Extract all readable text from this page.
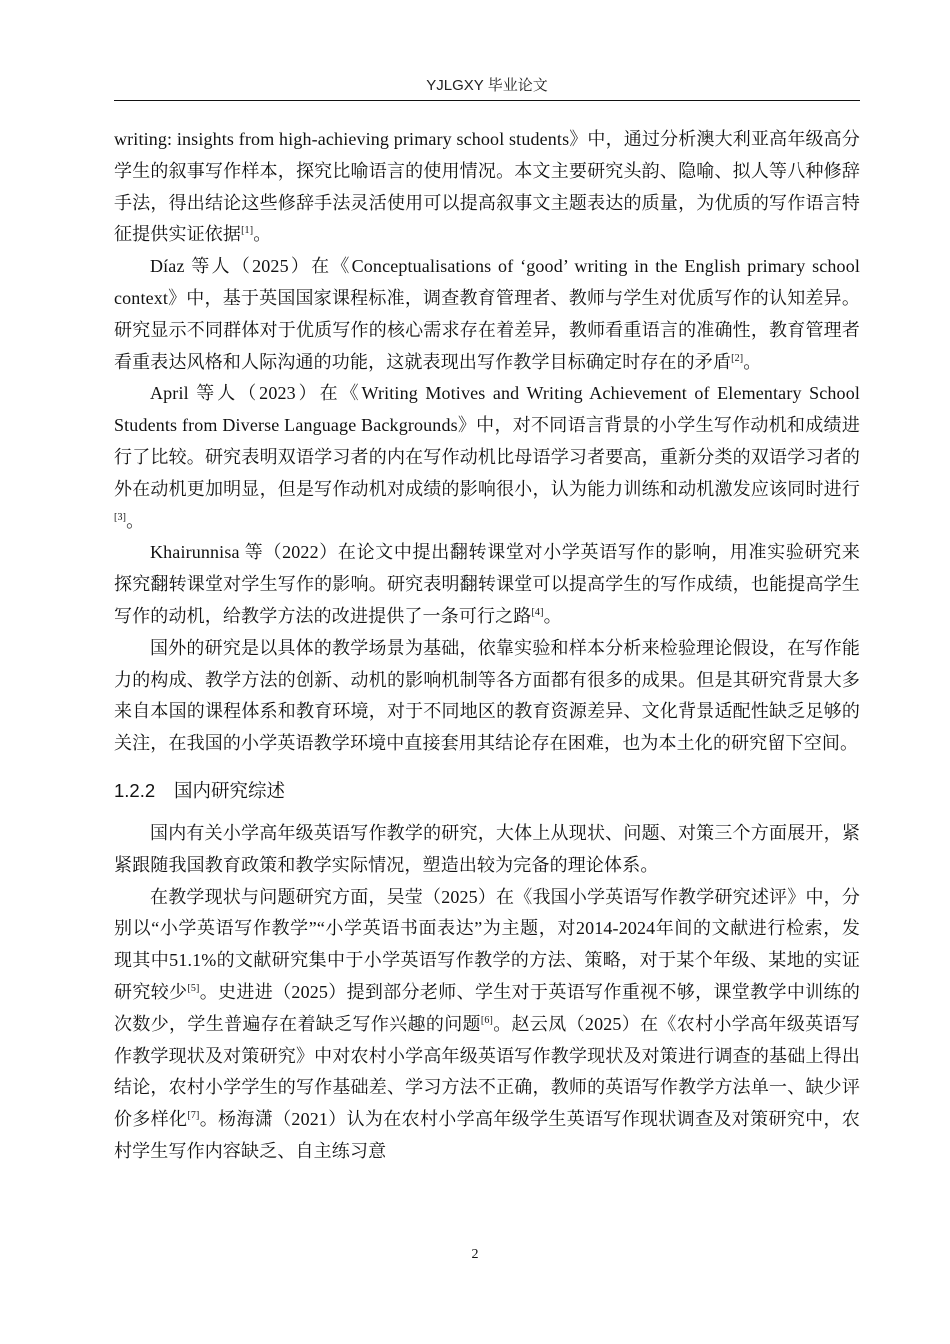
YJLGXY 毕业论文

writing: insights from high-achieving primary school students》中，通过分析澳大利亚高年级高分学生的叙事写作样本，探究比喻语言的使用情况。本文主要研究头韵、隐喻、拟人等八种修辞手法，得出结论这些修辞手法灵活使用可以提高叙事文主题表达的质量，为优质的写作语言特征提供实证依据[1]。

Díaz 等人（2025）在《Conceptualisations of ‘good’ writing in the English primary school context》中，基于英国国家课程标准，调查教育管理者、教师与学生对优质写作的认知差异。研究显示不同群体对于优质写作的核心需求存在着差异，教师看重语言的准确性，教育管理者看重表达风格和人际沟通的功能，这就表现出写作教学目标确定时存在的矛盾[2]。

April 等人（2023）在《Writing Motives and Writing Achievement of Elementary School Students from Diverse Language Backgrounds》中，对不同语言背景的小学生写作动机和成绩进行了比较。研究表明双语学习者的内在写作动机比母语学习者要高，重新分类的双语学习者的外在动机更加明显，但是写作动机对成绩的影响很小，认为能力训练和动机激发应该同时进行[3]。

Khairunnisa 等（2022）在论文中提出翻转课堂对小学英语写作的影响，用准实验研究来探究翻转课堂对学生写作的影响。研究表明翻转课堂可以提高学生的写作成绩，也能提高学生写作的动机，给教学方法的改进提供了一条可行之路[4]。

国外的研究是以具体的教学场景为基础，依靠实验和样本分析来检验理论假设，在写作能力的构成、教学方法的创新、动机的影响机制等各方面都有很多的成果。但是其研究背景大多来自本国的课程体系和教育环境，对于不同地区的教育资源差异、文化背景适配性缺乏足够的关注，在我国的小学英语教学环境中直接套用其结论存在困难，也为本土化的研究留下空间。

1.2.2 国内研究综述

国内有关小学高年级英语写作教学的研究，大体上从现状、问题、对策三个方面展开，紧紧跟随我国教育政策和教学实际情况，塑造出较为完备的理论体系。

在教学现状与问题研究方面，吴莹（2025）在《我国小学英语写作教学研究述评》中，分别以“小学英语写作教学”“小学英语书面表达”为主题，对2014-2024年间的文献进行检索，发现其中51.1%的文献研究集中于小学英语写作教学的方法、策略，对于某个年级、某地的实证研究较少[5]。史进进（2025）提到部分老师、学生对于英语写作重视不够，课堂教学中训练的次数少，学生普遍存在着缺乏写作兴趣的问题[6]。赵云凤（2025）在《农村小学高年级英语写作教学现状及对策研究》中对农村小学高年级英语写作教学现状及对策进行调查的基础上得出结论，农村小学学生的写作基础差、学习方法不正确，教师的英语写作教学方法单一、缺少评价多样化[7]。杨海潇（2021）认为在农村小学高年级学生英语写作现状调查及对策研究中，农村学生写作内容缺乏、自主练习意

2
